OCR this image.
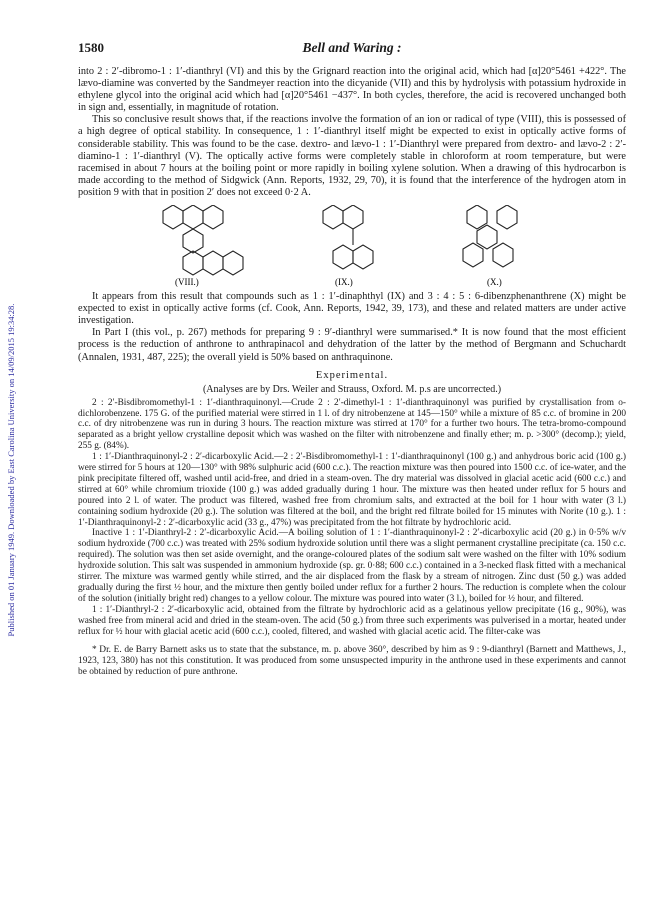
Published on 01 January 1949. Downloaded by East Carolina University on 14/09/2015 19:34:28.
1580	Bell and Waring :

into 2 : 2′-dibromo-1 : 1′-dianthryl (VI) and this by the Grignard reaction into the original acid, which had [α]20°5461 +422°. The lævo-diamine was converted by the Sandmeyer reaction into the dicyanide (VII) and this by hydrolysis with potassium hydroxide in ethylene glycol into the original acid which had [α]20°5461 −437°. In both cycles, therefore, the acid is recovered unchanged both in sign and, essentially, in magnitude of rotation.

This so conclusive result shows that, if the reactions involve the formation of an ion or radical of type (VIII), this is possessed of a high degree of optical stability. In consequence, 1 : 1′-dianthryl itself might be expected to exist in optically active forms of considerable stability. This was found to be the case. dextro- and lævo-1 : 1′-Dianthryl were prepared from dextro- and lævo-2 : 2′-diamino-1 : 1′-dianthryl (V). The optically active forms were completely stable in chloroform at room temperature, but were racemised in about 7 hours at the boiling point or more rapidly in boiling xylene solution. When a drawing of this hydrocarbon is made according to the method of Sidgwick (Ann. Reports, 1932, 29, 70), it is found that the interference of the hydrogen atom in position 9 with that in position 2′ does not exceed 0·2 A.

(VIII.)	(IX.)	(X.)

It appears from this result that compounds such as 1 : 1′-dinaphthyl (IX) and 3 : 4 : 5 : 6-dibenzphenanthrene (X) might be expected to exist in optically active forms (cf. Cook, Ann. Reports, 1942, 39, 173), and these and related matters are under active investigation.

In Part I (this vol., p. 267) methods for preparing 9 : 9′-dianthryl were summarised.* It is now found that the most efficient process is the reduction of anthrone to anthrapinacol and dehydration of the latter by the method of Bergmann and Schuchardt (Annalen, 1931, 487, 225); the overall yield is 50% based on anthraquinone.

Experimental.
(Analyses are by Drs. Weiler and Strauss, Oxford. M. p.s are uncorrected.)

2 : 2′-Bisdibromomethyl-1 : 1′-dianthraquinonyl.—Crude 2 : 2′-dimethyl-1 : 1′-dianthraquinonyl was purified by crystallisation from o-dichlorobenzene. 175 G. of the purified material were stirred in 1 l. of dry nitrobenzene at 145—150° while a mixture of 85 c.c. of bromine in 200 c.c. of dry nitrobenzene was run in during 3 hours. The reaction mixture was stirred at 170° for a further two hours. The tetra-bromo-compound separated as a bright yellow crystalline deposit which was washed on the filter with nitrobenzene and finally ether; m. p. >300° (decomp.); yield, 255 g. (84%).

1 : 1′-Dianthraquinonyl-2 : 2′-dicarboxylic Acid.—2 : 2′-Bisdibromomethyl-1 : 1′-dianthraquinonyl (100 g.) and anhydrous boric acid (100 g.) were stirred for 5 hours at 120—130° with 98% sulphuric acid (600 c.c.). The reaction mixture was then poured into 1500 c.c. of ice-water, and the pink precipitate filtered off, washed until acid-free, and dried in a steam-oven. The dry material was dissolved in glacial acetic acid (600 c.c.) and stirred at 60° while chromium trioxide (100 g.) was added gradually during 1 hour. The mixture was then heated under reflux for 5 hours and poured into 2 l. of water. The product was filtered, washed free from chromium salts, and extracted at the boil for 1 hour with water (3 l.) containing sodium hydroxide (20 g.). The solution was filtered at the boil, and the bright red filtrate boiled for 15 minutes with Norite (10 g.). 1 : 1′-Dianthraquinonyl-2 : 2′-dicarboxylic acid (33 g., 47%) was precipitated from the hot filtrate by hydrochloric acid.

Inactive 1 : 1′-Dianthryl-2 : 2′-dicarboxylic Acid.—A boiling solution of 1 : 1′-dianthraquinonyl-2 : 2′-dicarboxylic acid (20 g.) in 0·5% w/v sodium hydroxide (700 c.c.) was treated with 25% sodium hydroxide solution until there was a slight permanent crystalline precipitate (ca. 150 c.c. required). The solution was then set aside overnight, and the orange-coloured plates of the sodium salt were washed on the filter with 10% sodium hydroxide solution. This salt was suspended in ammonium hydroxide (sp. gr. 0·88; 600 c.c.) contained in a 3-necked flask fitted with a mechanical stirrer. The mixture was warmed gently while stirred, and the air displaced from the flask by a stream of nitrogen. Zinc dust (50 g.) was added gradually during the first ½ hour, and the mixture then gently boiled under reflux for a further 2 hours. The reduction is complete when the colour of the solution (initially bright red) changes to a yellow colour. The mixture was poured into water (3 l.), boiled for ½ hour, and filtered.

1 : 1′-Dianthryl-2 : 2′-dicarboxylic acid, obtained from the filtrate by hydrochloric acid as a gelatinous yellow precipitate (16 g., 90%), was washed free from mineral acid and dried in the steam-oven. The acid (50 g.) from three such experiments was pulverised in a mortar, heated under reflux for ½ hour with glacial acetic acid (600 c.c.), cooled, filtered, and washed with glacial acetic acid. The filter-cake was

* Dr. E. de Barry Barnett asks us to state that the substance, m. p. above 360°, described by him as 9 : 9-dianthryl (Barnett and Matthews, J., 1923, 123, 380) has not this constitution. It was produced from some unsuspected impurity in the anthrone used in these experiments and cannot be obtained by reduction of pure anthrone.
